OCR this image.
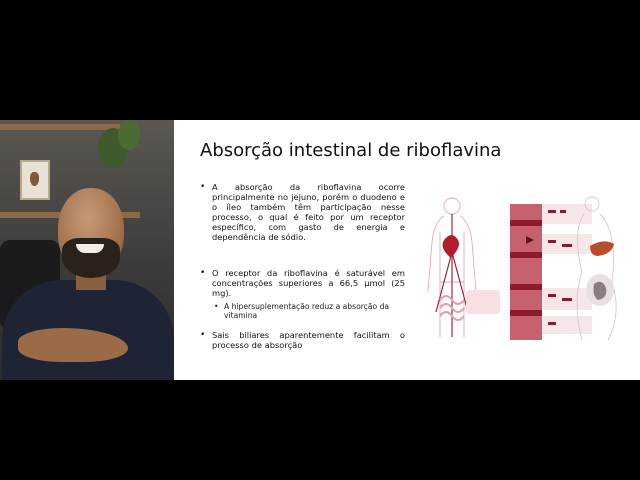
Absorção intestinal de riboflavina
• A absorção da riboflavina ocorre principalmente no jejuno, porém o duodeno e o íleo também têm participação nesse processo, o qual é feito por um receptor específico, com gasto de energia e dependência de sódio.
• O receptor da riboflavina é saturável em concentrações superiores a 66,5 µmol (25 mg).
• A hipersuplementação reduz a absorção da vitamina
• Sais biliares aparentemente facilitam o processo de absorção
